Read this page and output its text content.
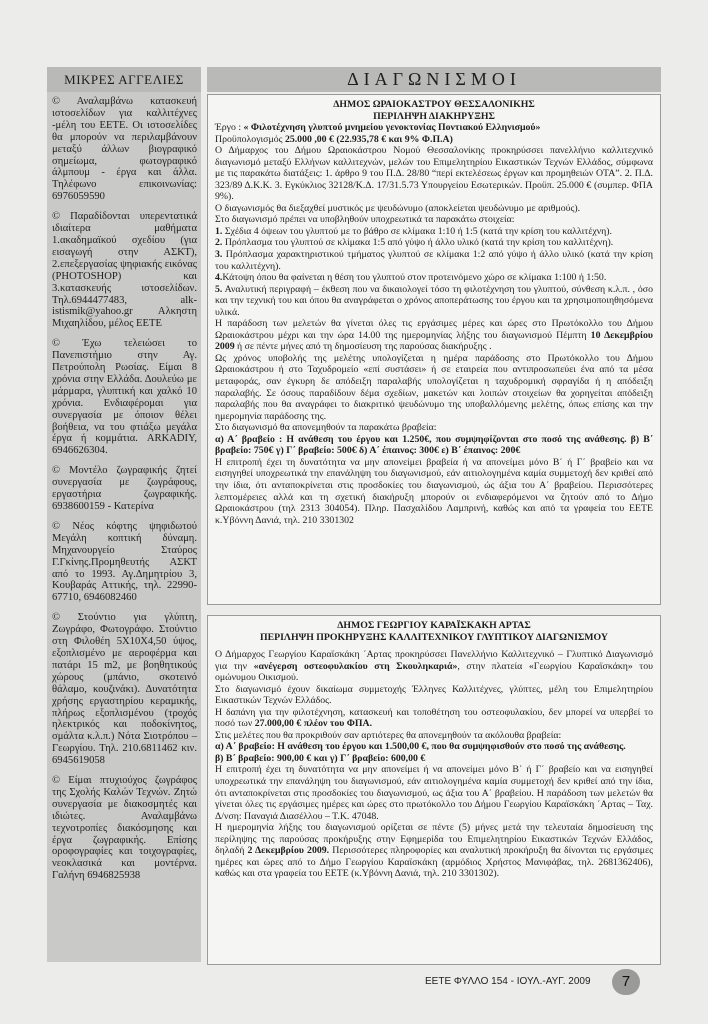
ΜΙΚΡΕΣ ΑΓΓΕΛΙΕΣ

© Αναλαμβάνω κατασκευή ιστοσελίδων για καλλιτέχνες -μέλη του ΕΕΤΕ. Οι ιστοσελίδες θα μπορούν να περιλαμβάνουν μεταξύ άλλων βιογραφικό σημείωμα, φωτογραφικό άλμπουμ - έργα και άλλα. Τηλέφωνο επικοινωνίας: 6976059590

© Παραδίδονται υπερεντατικά ιδιαίτερα μαθήματα 1.ακαδημαϊκού σχεδίου (για εισαγωγή στην ΑΣΚΤ), 2.επεξεργασίας ψηφιακής εικόνας (PHOTOSHOP) και 3.κατασκευής ιστοσελίδων. Τηλ.6944477483, alk-istismik@yahoo.gr Αλκηστη Μιχαηλίδου, μέλος ΕΕΤΕ

© Έχω τελειώσει το Πανεπιστήμιο στην Αγ. Πετρούπολη Ρωσίας. Είμαι 8 χρόνια στην Ελλάδα. Δουλεύω με μάρμαρα, γλυπτική και χαλκό 10 χρόνια. Ενδιαφέρομαι για συνεργασία με όποιον θέλει βοήθεια, να του φτιάξω μεγάλα έργα ή κομμάτια. ARKADIY, 6946626304.

© Μοντέλο ζωγραφικής ζητεί συνεργασία με ζωγράφους, εργαστήρια ζωγραφικής. 6938600159 - Κατερίνα

© Νέος κόφτης ψηφιδωτού Μεγάλη κοπτική δύναμη. Μηχανουργείο Σταύρος Γ.Γκίνης.Προμηθευτής ΑΣΚΤ από το 1993. Αγ.Δημητρίου 3, Κουβαράς Αττικής, τηλ. 22990-67710, 6946082460

© Στούντιο για γλύπτη, Ζωγράφο, Φωτογράφο. Στούντιο στη Φιλοθέη 5Χ10Χ4,50 ύψος, εξοπλισμένο με αεροφέρμα και πατάρι 15 m2, με βοηθητικούς χώρους (μπάνιο, σκοτεινό θάλαμο, κουζινάκι). Δυνατότητα χρήσης εργαστηρίου κεραμικής, πλήρως εξοπλισμένου (τροχός ηλεκτρικός και ποδοκίνητος, σμάλτα κ.λ.π.) Νότα Σιοτρόπου – Γεωργίου. Τηλ. 210.6811462 κιν. 6945619058

© Είμαι πτυχιούχος ζωγράφος της Σχολής Καλών Τεχνών. Ζητώ συνεργασία με διακοσμητές και ιδιώτες. Αναλαμβάνω τεχνοτροπίες διακόσμησης και έργα ζωγραφικής. Επίσης οροφογραφίες και τοιχογραφίες, νεοκλασικά και μοντέρνα. Γαλήνη 6946825938

ΔΙΑΓΩΝΙΣΜΟΙ
ΔΗΜΟΣ ΩΡΑΙΟΚΑΣΤΡΟΥ ΘΕΣΣΑΛΟΝΙΚΗΣ
ΠΕΡΙΛΗΨΗ ΔΙΑΚΗΡΥΞΗΣ

Έργο : « Φιλοτέχνηση γλυπτού μνημείου γενοκτονίας Ποντιακού Ελληνισμού»

Προϋπολογισμός 25.000 ,00 € (22.935,78 € και 9% Φ.Π.Α)

Ο Δήμαρχος του Δήμου Ωραιοκάστρου Νομού Θεσσαλονίκης προκηρύσσει πανελλήνιο καλλιτεχνικό διαγωνισμό μεταξύ Ελλήνων καλλιτεχνών, μελών του Επιμελητηρίου Εικαστικών Τεχνών Ελλάδος, σύμφωνα με τις παρακάτω διατάξεις: 1. άρθρο 9 του Π.Δ. 28/80 “περί εκτελέσεως έργων και προμηθειών ΟΤΑ”. 2. Π.Δ. 323/89 Δ.Κ.Κ. 3. Εγκύκλιος 32128/Κ.Δ. 17/31.5.73 Υπουργείου Εσωτερικών. Προϋπ. 25.000 € (συμπερ. ΦΠΑ 9%).

Ο διαγωνισμός θα διεξαχθεί μυστικός με ψευδώνυμο (αποκλείεται ψευδώνυμο με αριθμούς).

Στο διαγωνισμό πρέπει να υποβληθούν υποχρεωτικά τα παρακάτω στοιχεία:

1. Σχέδια 4 όψεων του γλυπτού με το βάθρο σε κλίμακα 1:10 ή 1:5 (κατά την κρίση του καλλιτέχνη).

2. Πρόπλασμα του γλυπτού σε κλίμακα 1:5 από γύψο ή άλλο υλικό (κατά την κρίση του καλλιτέχνη).

3. Πρόπλασμα χαρακτηριστικού τμήματος γλυπτού σε κλίμακα 1:2 από γύψο ή άλλο υλικό (κατά την κρίση του καλλιτέχνη).

4.Κάτοψη όπου θα φαίνεται η θέση του γλυπτού στον προτεινόμενο χώρο σε κλίμακα 1:100 ή 1:50.

5. Αναλυτική περιγραφή – έκθεση που να δικαιολογεί τόσο τη φιλοτέχνηση του γλυπτού, σύνθεση κ.λ.π. , όσο και την τεχνική του και όπου θα αναγράφεται ο χρόνος αποπεράτωσης του έργου και τα χρησιμοποιηθησόμενα υλικά.

Η παράδοση των μελετών θα γίνεται όλες τις εργάσιμες μέρες και ώρες στο Πρωτόκολλο του Δήμου Ωραιοκάστρου μέχρι και την ώρα 14.00 της ημερομηνίας λήξης του διαγωνισμού Πέμπτη 10 Δεκεμβρίου 2009 ή σε πέντε μήνες από τη δημοσίευση της παρούσας διακήρυξης .

Ως χρόνος υποβολής της μελέτης υπολογίζεται η ημέρα παράδοσης στο Πρωτόκολλο του Δήμου Ωραιοκάστρου ή στο Ταχυδρομείο «επί συστάσει» ή σε εταιρεία που αντιπροσωπεύει ένα από τα μέσα μεταφοράς, σαν έγκυρη δε απόδειξη παραλαβής υπολογίζεται η ταχυδρομική σφραγίδα ή η απόδειξη παραλαβής. Σε όσους παραδίδουν δέμα σχεδίων, μακετών και λοιπών στοιχείων θα χορηγείται απόδειξη παραλαβής που θα αναγράφει το διακριτικό ψευδώνυμο της υποβαλλόμενης μελέτης, όπως επίσης και την ημερομηνία παράδοσης της.

Στο διαγωνισμό θα απονεμηθούν τα παρακάτω βραβεία:

α) Α΄ βραβείο : Η ανάθεση του έργου και 1.250€, που συμψηφίζονται στο ποσό της ανάθεσης. β) Β΄ βραβείο: 750€ γ) Γ΄ βραβείο: 500€ δ) Α΄ έπαινος: 300€ ε) Β΄ έπαινος: 200€

Η επιτροπή έχει τη δυνατότητα να μην απονείμει βραβεία ή να απονείμει μόνο Β΄ ή Γ΄ βραβείο και να εισηγηθεί υποχρεωτικά την επανάληψη του διαγωνισμού, εάν αιτιολογημένα καμία συμμετοχή δεν κριθεί από την ίδια, ότι ανταποκρίνεται στις προσδοκίες του διαγωνισμού, ώς άξια του Α΄ βραβείου. Περισσότερες λεπτομέρειες αλλά και τη σχετική διακήρυξη μπορούν οι ενδιαφερόμενοι να ζητούν από το Δήμο Ωραιοκάστρου (τηλ 2313 304054). Πληρ. Πασχαλίδου Λαμπρινή, καθώς και από τα γραφεία του ΕΕΤΕ κ.Υβόννη Δανιά, τηλ. 210 3301302

ΔΗΜΟΣ ΓΕΩΡΓΙΟΥ ΚΑΡΑΪΣΚΑΚΗ ΑΡΤΑΣ
ΠΕΡΙΛΗΨΗ ΠΡΟΚΗΡΥΞΗΣ ΚΑΛΛΙΤΕΧΝΙΚΟΥ ΓΛΥΠΤΙΚΟΥ ΔΙΑΓΩΝΙΣΜΟΥ

Ο Δήμαρχος Γεωργίου Καραϊσκάκη ΄Αρτας προκηρύσσει Πανελλήνιο Καλλιτεχνικό – Γλυπτικό Διαγωνισμό για την «ανέγερση οστεοφυλακίου στη Σκουληκαριά», στην πλατεία «Γεωργίου Καραϊσκάκη» του ομώνυμου Οικισμού.

Στο διαγωνισμό έχουν δικαίωμα συμμετοχής Έλληνες Καλλιτέχνες, γλύπτες, μέλη του Επιμελητηρίου Εικαστικών Τεχνών Ελλάδος.

Η δαπάνη για την φιλοτέχνηση, κατασκευή και τοποθέτηση του οστεοφυλακίου, δεν μπορεί να υπερβεί το ποσό των 27.000,00 € πλέον του ΦΠΑ.

Στις μελέτες που θα προκριθούν σαν αρτιότερες θα απονεμηθούν τα ακόλουθα βραβεία:

α) Α΄ βραβείο: Η ανάθεση του έργου και 1.500,00 €, που θα συμψηφισθούν στο ποσό της ανάθεσης.

β) Β΄ βραβείο: 900,00 € και γ) Γ΄ βραβείο: 600,00 €

Η επιτροπή έχει τη δυνατότητα να μην απονείμει ή να απονείμει μόνο Β΄ ή Γ΄ βραβείο και να εισηγηθεί υποχρεωτικά την επανάληψη του διαγωνισμού, εάν αιτιολογημένα καμία συμμετοχή δεν κριθεί από την ίδια, ότι ανταποκρίνεται στις προσδοκίες του διαγωνισμού, ως άξια του Α΄ βραβείου. Η παράδοση των μελετών θα γίνεται όλες τις εργάσιμες ημέρες και ώρες στο πρωτόκολλο του Δήμου Γεωργίου Καραϊσκάκη ΄Αρτας – Ταχ. Δ/νση: Παναγιά Διασέλλου – Τ.Κ. 47048.

Η ημερομηνία λήξης του διαγωνισμού ορίζεται σε πέντε (5) μήνες μετά την τελευταία δημοσίευση της περίληψης της παρούσας προκήρυξης στην Εφημερίδα του Επιμελητηρίου Εικαστικών Τεχνών Ελλάδος, δηλαδή 2 Δεκεμβρίου 2009. Περισσότερες πληροφορίες και αναλυτική προκήρυξη θα δίνονται τις εργάσιμες ημέρες και ώρες από το Δήμο Γεωργίου Καραϊσκάκη (αρμόδιος Χρήστος Μανιφάβας, τηλ. 2681362406), καθώς και στα γραφεία του ΕΕΤΕ (κ.Υβόννη Δανιά, τηλ. 210 3301302).

ΕΕΤΕ ΦΥΛΛΟ 154 - ΙΟΥΛ.-ΑΥΓ. 2009	7
